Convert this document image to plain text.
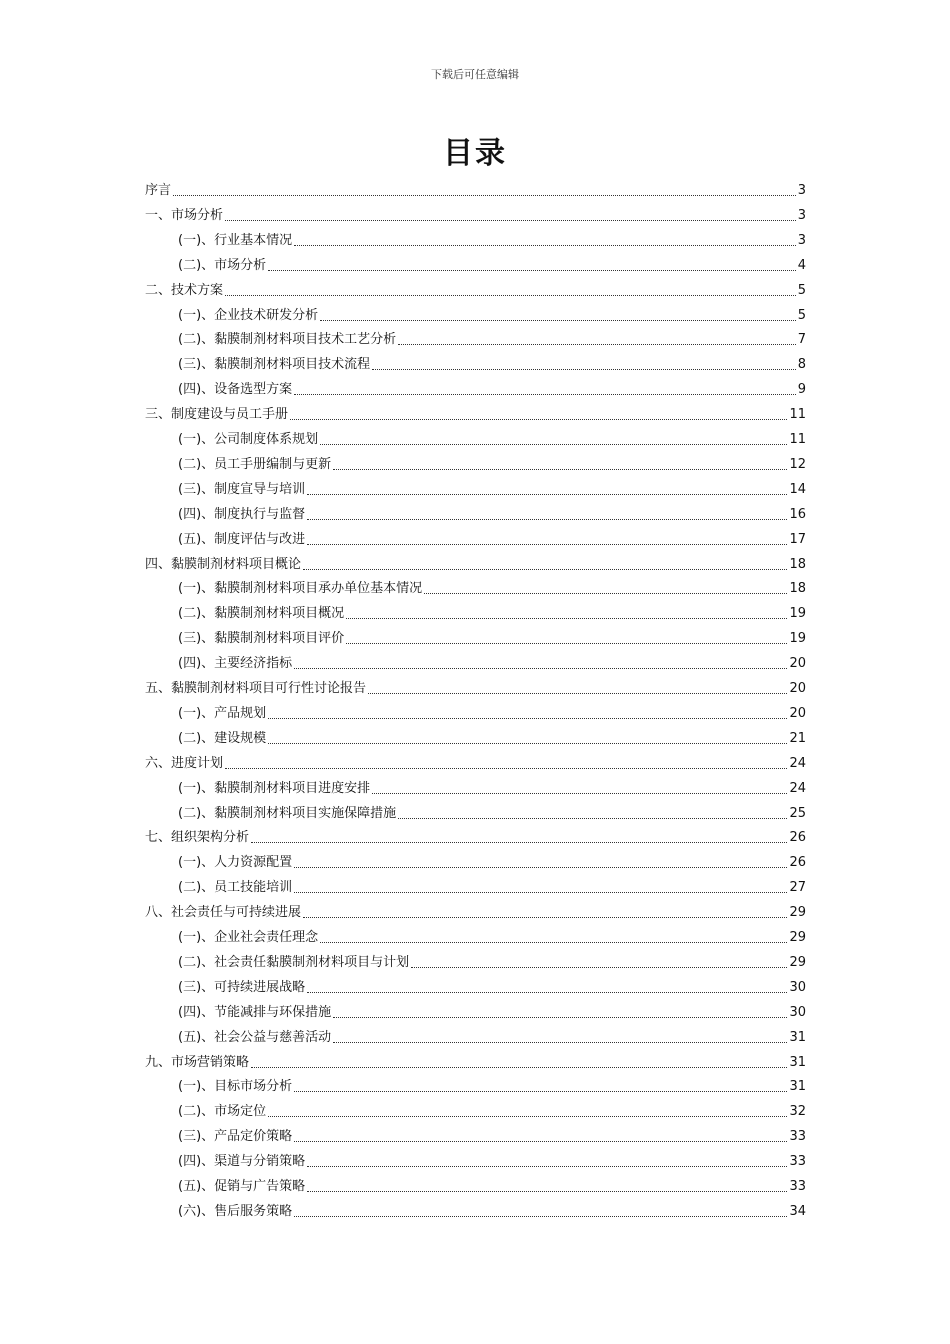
下载后可任意编辑
目录
序言	3
一、市场分析	3
(一)、行业基本情况	3
(二)、市场分析	4
二、技术方案	5
(一)、企业技术研发分析	5
(二)、黏膜制剂材料项目技术工艺分析	7
(三)、黏膜制剂材料项目技术流程	8
(四)、设备选型方案	9
三、制度建设与员工手册	11
(一)、公司制度体系规划	11
(二)、员工手册编制与更新	12
(三)、制度宣导与培训	14
(四)、制度执行与监督	16
(五)、制度评估与改进	17
四、黏膜制剂材料项目概论	18
(一)、黏膜制剂材料项目承办单位基本情况	18
(二)、黏膜制剂材料项目概况	19
(三)、黏膜制剂材料项目评价	19
(四)、主要经济指标	20
五、黏膜制剂材料项目可行性讨论报告	20
(一)、产品规划	20
(二)、建设规模	21
六、进度计划	24
(一)、黏膜制剂材料项目进度安排	24
(二)、黏膜制剂材料项目实施保障措施	25
七、组织架构分析	26
(一)、人力资源配置	26
(二)、员工技能培训	27
八、社会责任与可持续进展	29
(一)、企业社会责任理念	29
(二)、社会责任黏膜制剂材料项目与计划	29
(三)、可持续进展战略	30
(四)、节能减排与环保措施	30
(五)、社会公益与慈善活动	31
九、市场营销策略	31
(一)、目标市场分析	31
(二)、市场定位	32
(三)、产品定价策略	33
(四)、渠道与分销策略	33
(五)、促销与广告策略	33
(六)、售后服务策略	34
